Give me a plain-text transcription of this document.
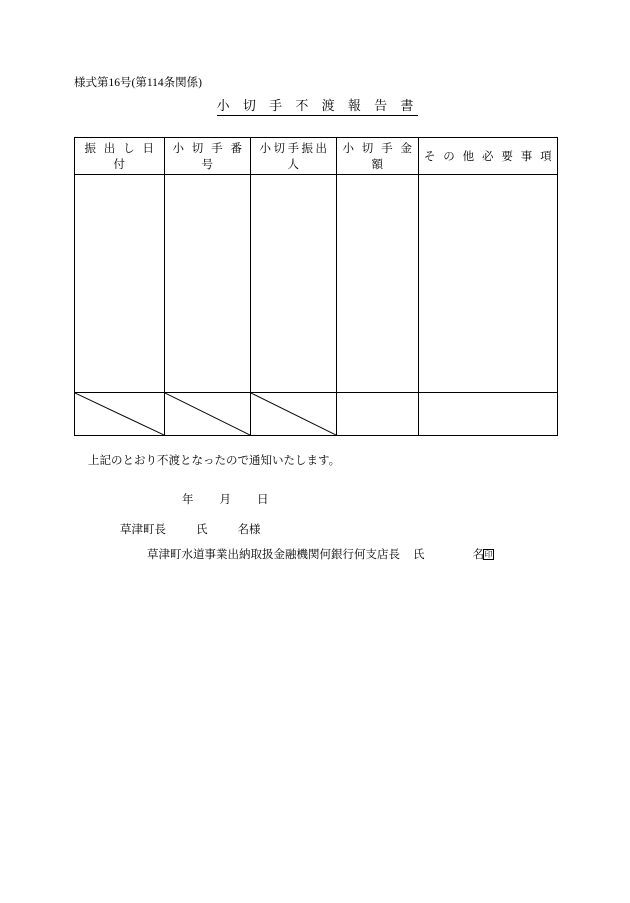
様式第16号(第114条関係)
小 切 手 不 渡 報 告 書
振 出 し 日 付	小 切 手 番 号	小切手振出人	小 切 手 金 額	そ の 他 必 要 事 項

上記のとおり不渡となったので通知いたします。
年 月 日
草津町長	氏	名様
草津町水道事業出納取扱金融機関何銀行何支店長 氏	名印
